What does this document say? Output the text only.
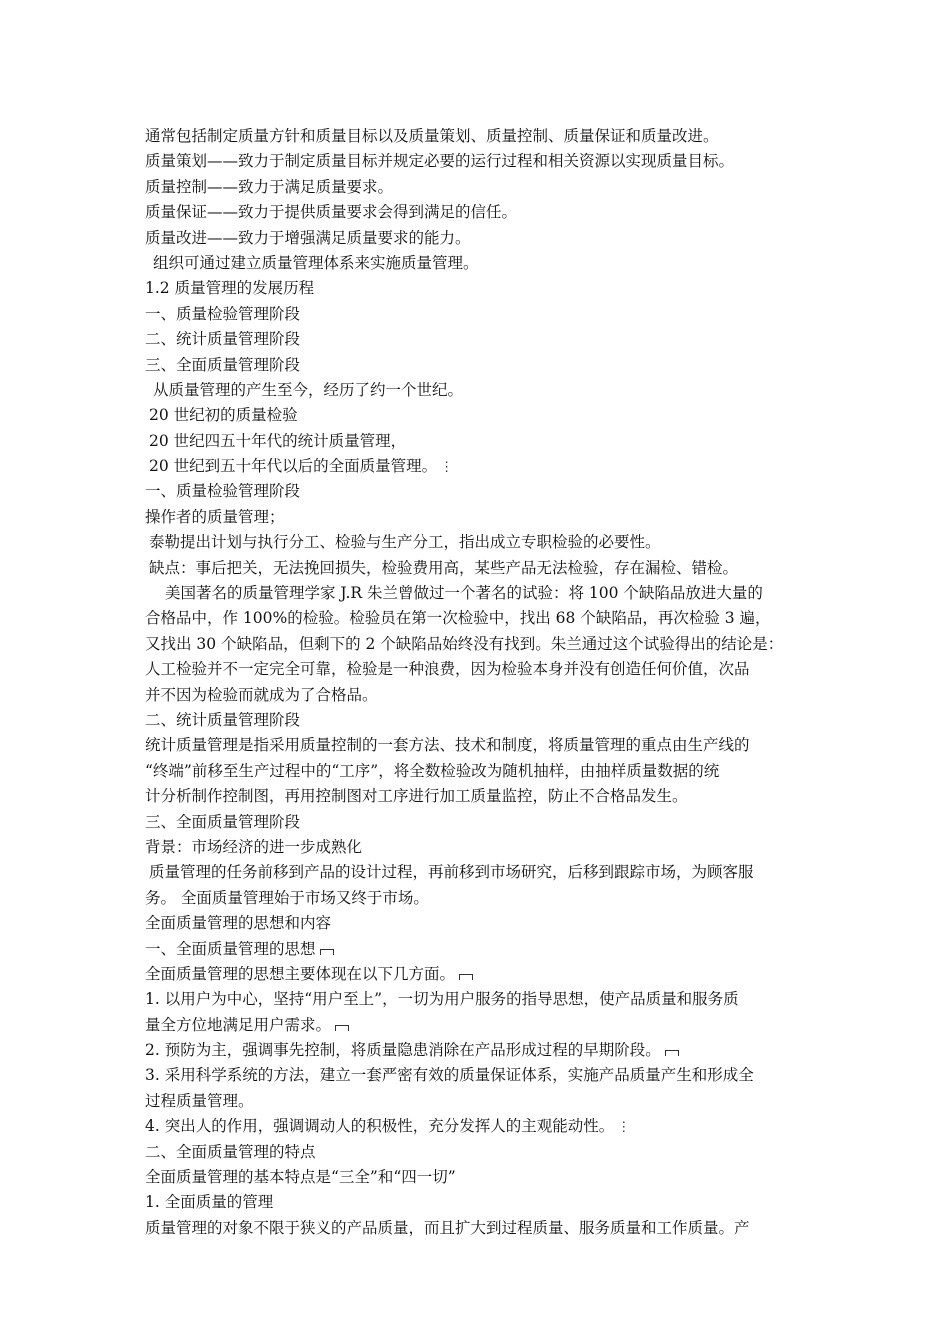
通常包括制定质量方针和质量目标以及质量策划、质量控制、质量保证和质量改进。
质量策划——致力于制定质量目标并规定必要的运行过程和相关资源以实现质量目标。
质量控制——致力于满足质量要求。
质量保证——致力于提供质量要求会得到满足的信任。
质量改进——致力于增强满足质量要求的能力。
组织可通过建立质量管理体系来实施质量管理。
1.2 质量管理的发展历程
一、质量检验管理阶段
二、统计质量管理阶段
三、全面质量管理阶段
从质量管理的产生至今，经历了约一个世纪。
20 世纪初的质量检验
20 世纪四五十年代的统计质量管理，
20 世纪到五十年代以后的全面质量管理。 ⋮
一、质量检验管理阶段
操作者的质量管理；
泰勒提出计划与执行分工、检验与生产分工，指出成立专职检验的必要性。
缺点：事后把关，无法挽回损失，检验费用高，某些产品无法检验，存在漏检、错检。
美国著名的质量管理学家 J.R 朱兰曾做过一个著名的试验：将 100 个缺陷品放进大量的
合格品中，作 100%的检验。检验员在第一次检验中，找出 68 个缺陷品，再次检验 3 遍，
又找出 30 个缺陷品，但剩下的 2 个缺陷品始终没有找到。朱兰通过这个试验得出的结论是：
人工检验并不一定完全可靠，检验是一种浪费，因为检验本身并没有创造任何价值，次品
并不因为检验而就成为了合格品。
二、统计质量管理阶段
统计质量管理是指采用质量控制的一套方法、技术和制度，将质量管理的重点由生产线的
“终端”前移至生产过程中的“工序”，将全数检验改为随机抽样，由抽样质量数据的统
计分析制作控制图，再用控制图对工序进行加工质量监控，防止不合格品发生。
三、全面质量管理阶段
背景：市场经济的进一步成熟化
质量管理的任务前移到产品的设计过程，再前移到市场研究，后移到跟踪市场，为顾客服
务。 全面质量管理始于市场又终于市场。
全面质量管理的思想和内容
一、全面质量管理的思想
全面质量管理的思想主要体现在以下几方面。
1. 以用户为中心，坚持“用户至上”，一切为用户服务的指导思想，使产品质量和服务质
量全方位地满足用户需求。
2. 预防为主，强调事先控制，将质量隐患消除在产品形成过程的早期阶段。
3. 采用科学系统的方法，建立一套严密有效的质量保证体系，实施产品质量产生和形成全
过程质量管理。
4. 突出人的作用，强调调动人的积极性，充分发挥人的主观能动性。 ⋮
二、全面质量管理的特点
全面质量管理的基本特点是“三全”和“四一切”
1. 全面质量的管理
质量管理的对象不限于狭义的产品质量，而且扩大到过程质量、服务质量和工作质量。产
